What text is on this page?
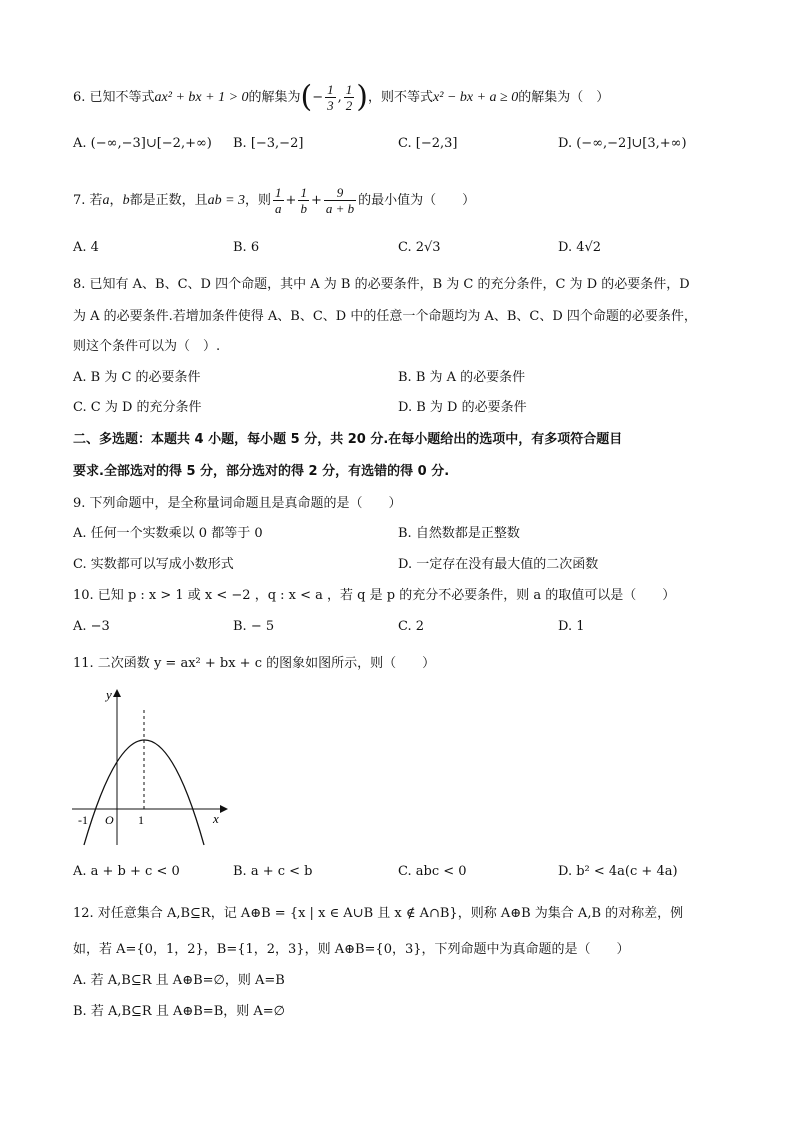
6. 已知不等式ax² + bx + 1 > 0的解集为(− $\frac{1}{3}$ , $\frac{1}{2}$ )，则不等式x² − bx + a ≥ 0的解集为（　）
A. (−∞,−3]∪[−2,+∞) B. [−3,−2]	C. [−2,3]	D. (−∞,−2]∪[3,+∞)
7. 若a，b都是正数，且ab = 3，则 $\frac{1}{a} + \frac{1}{b} + \frac{9}{a + b}$ 的最小值为（　　）
A. 4	B. 6	C. 2√3	D. 4√2
8. 已知有 A、B、C、D 四个命题，其中 A 为 B 的必要条件，B 为 C 的充分条件，C 为 D 的必要条件，D
为 A 的必要条件.若增加条件使得 A、B、C、D 中的任意一个命题均为 A、B、C、D 四个命题的必要条件，
则这个条件可以为（　）.
A. B 为 C 的必要条件	B. B 为 A 的必要条件
C. C 为 D 的充分条件	D. B 为 D 的必要条件
二、多选题：本题共 4 小题，每小题 5 分，共 20 分.在每小题给出的选项中，有多项符合题目
要求.全部选对的得 5 分，部分选对的得 2 分，有选错的得 0 分.
9. 下列命题中，是全称量词命题且是真命题的是（　　）
A. 任何一个实数乘以 0 都等于 0	B. 自然数都是正整数
C. 实数都可以写成小数形式	D. 一定存在没有最大值的二次函数
10. 已知 p : x > 1 或 x < −2 ，q : x < a ，若 q 是 p 的充分不必要条件，则 a 的取值可以是（　　）
A. −3	B. − 5	C. 2	D. 1
11. 二次函数 y = ax² + bx + c 的图象如图所示，则（　　）
y
x
O
-1	1
A. a + b + c < 0	B. a + c < b	C. abc < 0	D. b² < 4a(c + 4a)
12. 对任意集合 A,B⊆R，记 A⊕B = {x | x ∈ A∪B 且 x ∉ A∩B}，则称 A⊕B 为集合 A,B 的对称差，例
如，若 A={0，1，2}，B={1，2，3}，则 A⊕B={0，3}，下列命题中为真命题的是（　　）
A. 若 A,B⊆R 且 A⊕B=∅，则 A=B
B. 若 A,B⊆R 且 A⊕B=B，则 A=∅
